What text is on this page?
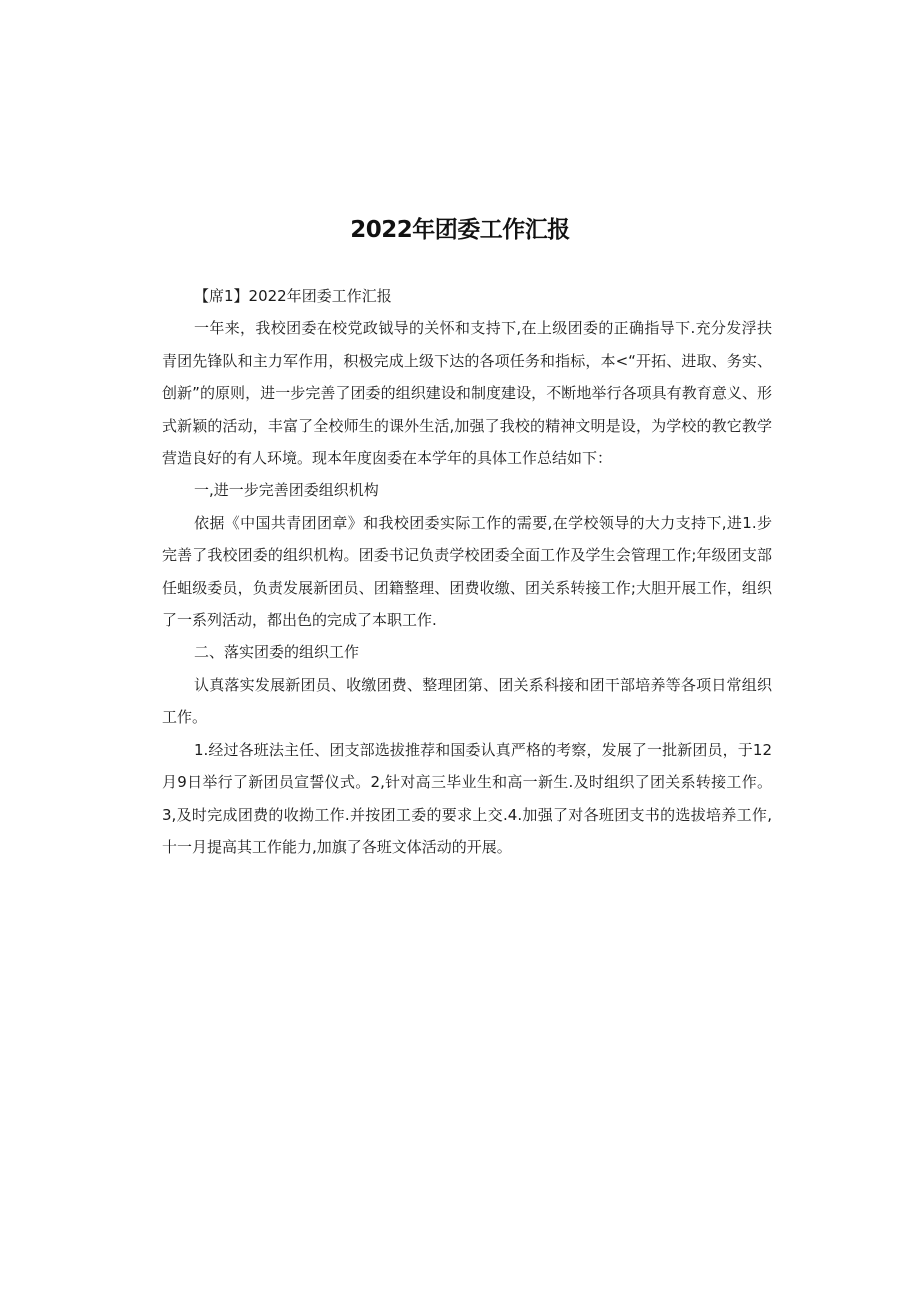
2022年团委工作汇报

【席1】2022年团委工作汇报

一年来，我校团委在校党政钺导的关怀和支持下,在上级团委的正确指导下.充分发浮扶青团先锋队和主力军作用，积极完成上级下达的各项任务和指标，本<“开拓、进取、务实、创新”的原则，进一步完善了团委的组织建设和制度建设，不断地举行各项具有教育意义、形式新颖的活动，丰富了全校师生的课外生活,加强了我校的精神文明是设，为学校的教它教学营造良好的有人环境。现本年度囱委在本学年的具体工作总结如下：

一,进一步完善团委组织机构

依据《中国共青团团章》和我校团委实际工作的需要,在学校领导的大力支持下,进1.步完善了我校团委的组织机构。团委书记负责学校团委全面工作及学生会管理工作;年级团支部任蛆级委员，负责发展新团员、团籍整理、团费收缴、团关系转接工作;大胆开展工作，组织了一系列活动，都出色的完成了本职工作.

二、落实团委的组织工作

认真落实发展新团员、收缴团费、整理团第、团关系科接和团干部培养等各项日常组织工作。

1.经过各班法主任、团支部选拔推荐和国委认真严格的考察，发展了一批新团员，于12月9日举行了新团员宣誓仪式。2,针对高三毕业生和高一新生.及时组织了团关系转接工作。3,及时完成团费的收拗工作.并按团工委的要求上交.4.加强了对各班团支书的选拔培养工作,十一月提高其工作能力,加旗了各班文体活动的开展。
